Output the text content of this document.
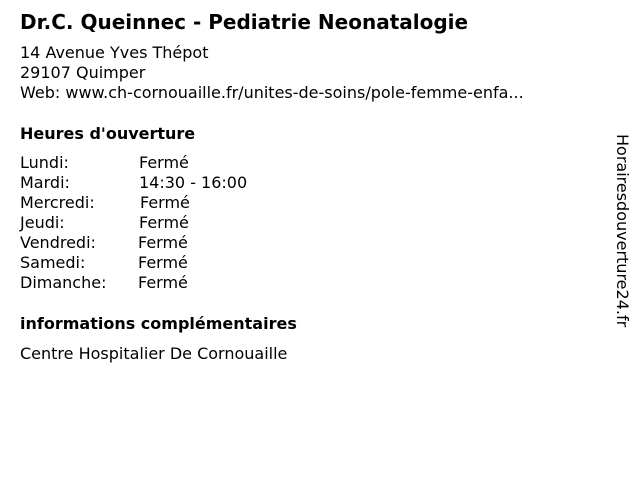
Dr.C. Queinnec - Pediatrie Neonatalogie
14 Avenue Yves Thépot
29107 Quimper
Web: www.ch-cornouaille.fr/unites-de-soins/pole-femme-enfa...
Heures d'ouverture
Lundi:	Fermé
Mardi:	14:30 - 16:00
Mercredi:	Fermé
Jeudi:	Fermé
Vendredi:	Fermé
Samedi:	Fermé
Dimanche: Fermé
informations complémentaires
Centre Hospitalier De Cornouaille
Horairesdouverture24.fr
